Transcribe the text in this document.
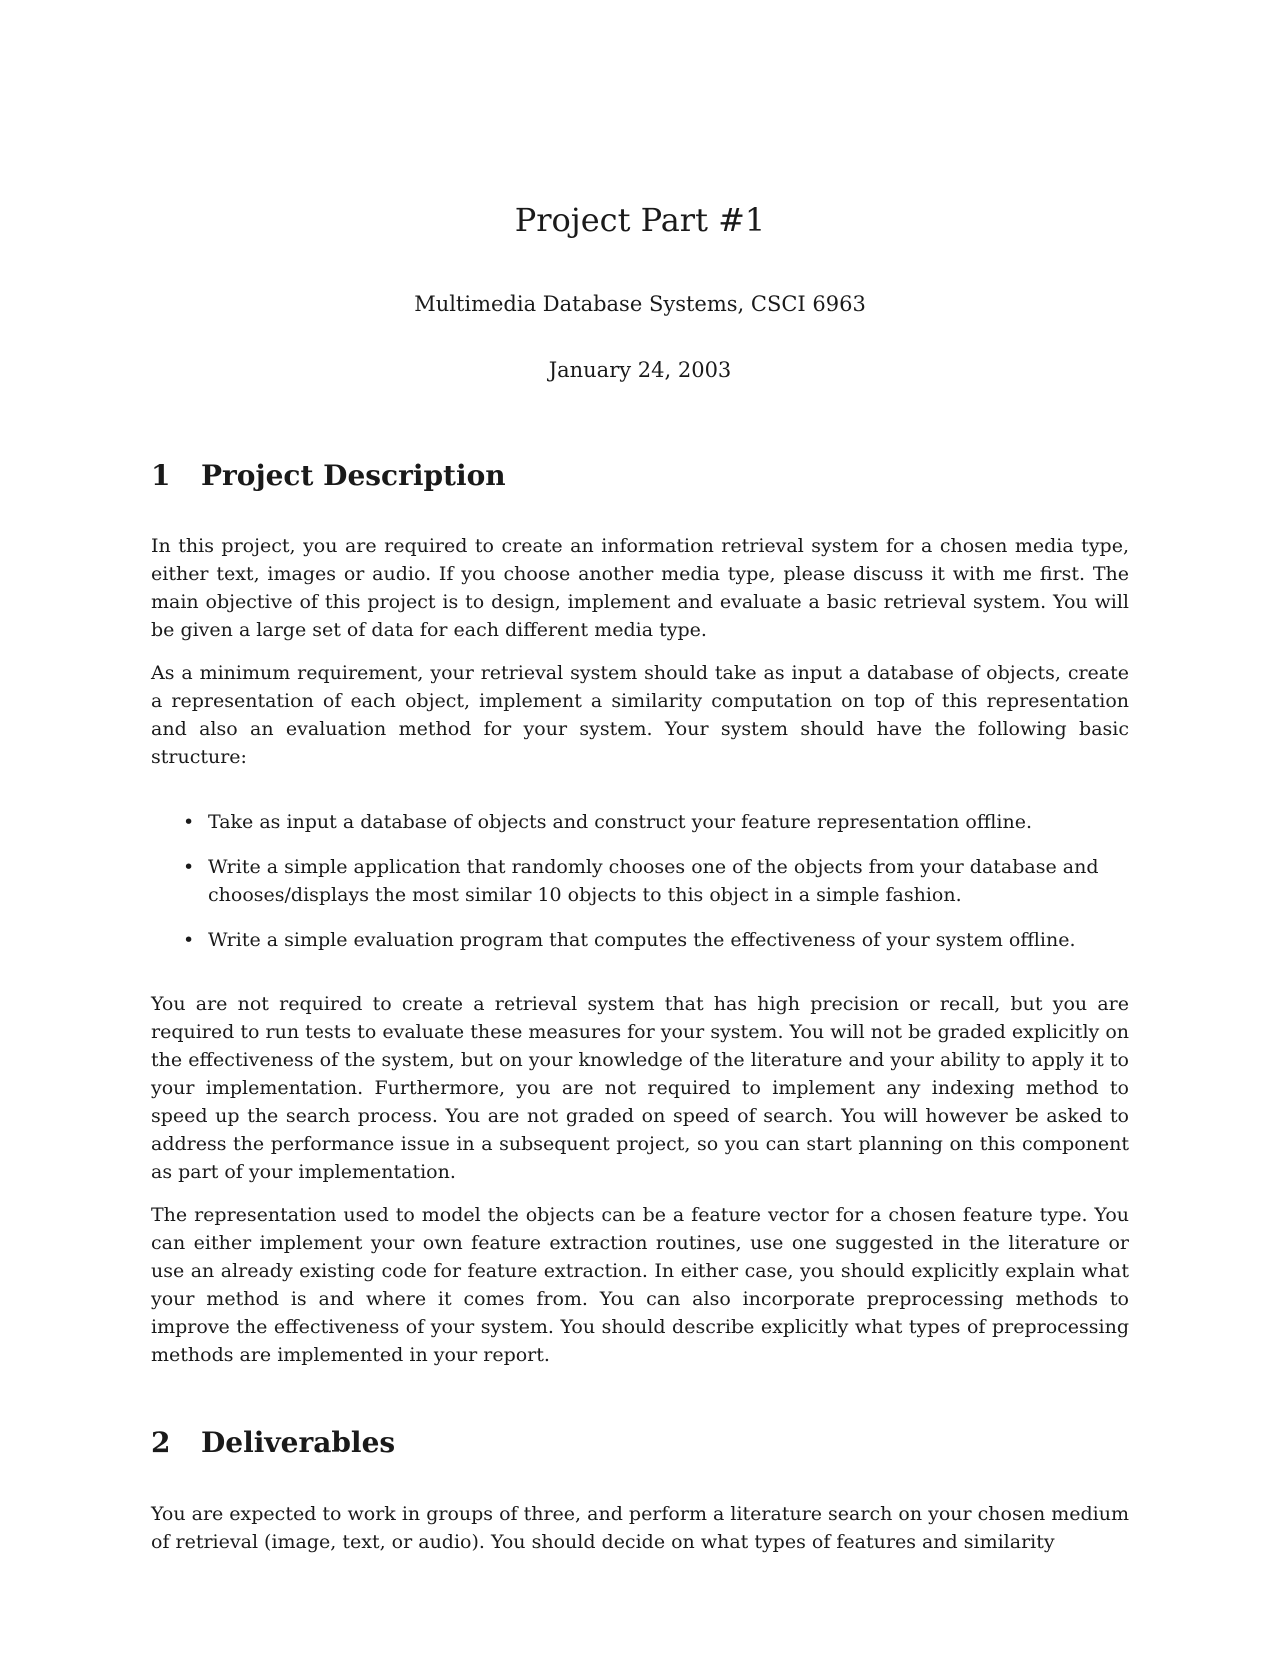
Project Part #1
Multimedia Database Systems, CSCI 6963
January 24, 2003
1 Project Description

In this project, you are required to create an information retrieval system for a chosen media type, either text, images or audio. If you choose another media type, please discuss it with me first. The main objective of this project is to design, implement and evaluate a basic retrieval system. You will be given a large set of data for each different media type.

As a minimum requirement, your retrieval system should take as input a database of objects, create a representation of each object, implement a similarity computation on top of this representation and also an evaluation method for your system. Your system should have the following basic structure:

• Take as input a database of objects and construct your feature representation offline.
• Write a simple application that randomly chooses one of the objects from your database and chooses/displays the most similar 10 objects to this object in a simple fashion.
• Write a simple evaluation program that computes the effectiveness of your system offline.

You are not required to create a retrieval system that has high precision or recall, but you are required to run tests to evaluate these measures for your system. You will not be graded explicitly on the effectiveness of the system, but on your knowledge of the literature and your ability to apply it to your implementation. Furthermore, you are not required to implement any indexing method to speed up the search process. You are not graded on speed of search. You will however be asked to address the performance issue in a subsequent project, so you can start planning on this component as part of your implementation.

The representation used to model the objects can be a feature vector for a chosen feature type. You can either implement your own feature extraction routines, use one suggested in the literature or use an already existing code for feature extraction. In either case, you should explicitly explain what your method is and where it comes from. You can also incorporate preprocessing methods to improve the effectiveness of your system. You should describe explicitly what types of preprocessing methods are implemented in your report.

2 Deliverables

You are expected to work in groups of three, and perform a literature search on your chosen medium of retrieval (image, text, or audio). You should decide on what types of features and similarity
